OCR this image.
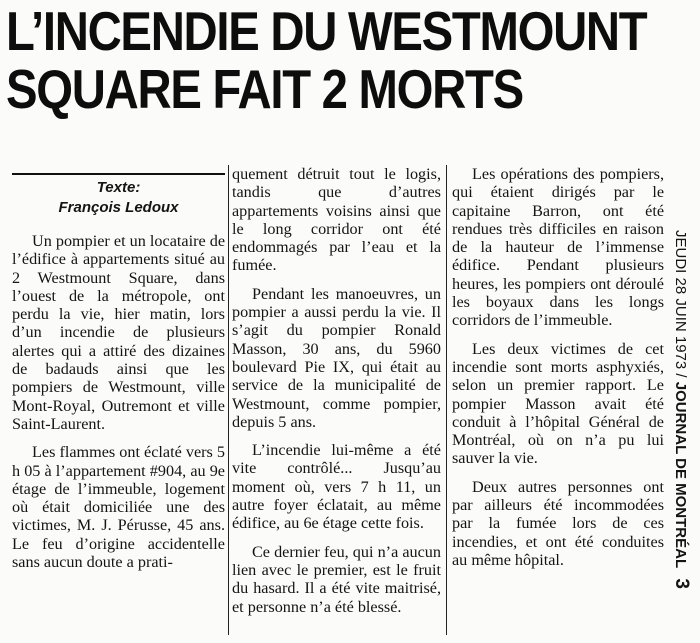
L’INCENDIE DU WESTMOUNT
SQUARE FAIT 2 MORTS
Texte:
François Ledoux

Un pompier et un locataire de l’édifice à appartements situé au 2 Westmount Square, dans l’ouest de la métropole, ont perdu la vie, hier matin, lors d’un incendie de plusieurs alertes qui a attiré des dizaines de badauds ainsi que les pompiers de Westmount, ville Mont-Royal, Outremont et ville Saint-Laurent.

Les flammes ont éclaté vers 5 h 05 à l’appartement #904, au 9e étage de l’immeuble, logement où était domiciliée une des victimes, M. J. Pérusse, 45 ans. Le feu d’origine accidentelle sans aucun doute a prati-

quement détruit tout le logis, tandis que d’autres appartements voisins ainsi que le long corridor ont été endommagés par l’eau et la fumée.

Pendant les manoeuvres, un pompier a aussi perdu la vie. Il s’agit du pompier Ronald Masson, 30 ans, du 5960 boulevard Pie IX, qui était au service de la municipalité de Westmount, comme pompier, depuis 5 ans.

L’incendie lui-même a été vite contrôlé... Jusqu’au moment où, vers 7 h 11, un autre foyer éclatait, au même édifice, au 6e étage cette fois.

Ce dernier feu, qui n’a aucun lien avec le premier, est le fruit du hasard. Il a été vite maitrisé, et personne n’a été blessé.

Les opérations des pompiers, qui étaient dirigés par le capitaine Barron, ont été rendues très difficiles en raison de la hauteur de l’immense édifice. Pendant plusieurs heures, les pompiers ont déroulé les boyaux dans les longs corridors de l’immeuble.

Les deux victimes de cet incendie sont morts asphyxiés, selon un premier rapport. Le pompier Masson avait été conduit à l’hôpital Général de Montréal, où on n’a pu lui sauver la vie.

Deux autres personnes ont par ailleurs été incommodées par la fumée lors de ces incendies, et ont été conduites au même hôpital.

JEUDI 28 JUIN 1973 / JOURNAL DE MONTRÉAL 3
